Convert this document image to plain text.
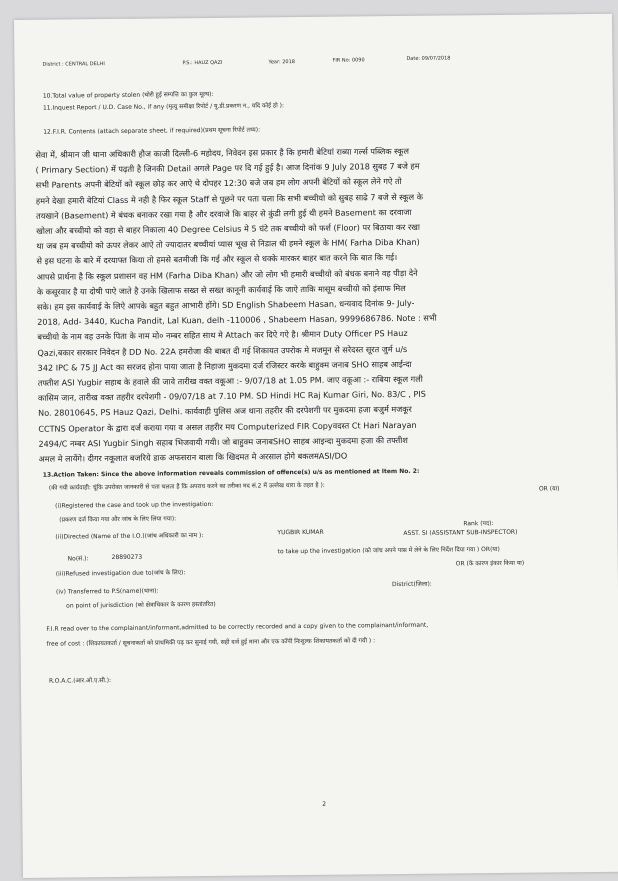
District : CENTRAL DELHI	P.S.: HAUZ QAZI	Year: 2018	FIR No: 0090	Date: 09/07/2018
10.Total value of property stolen (चोरी हुई सम्पत्ति का कुल मूल्य):
11.Inquest Report / U.D. Case No., if any (मृत्यु समीक्षा रिपोर्ट / यू.डी.प्रकरण न., यदि कोई हो ):
12.F.I.R. Contents (attach separate sheet, if required)(प्रथम सूचना रिपोर्ट तथ्य):
सेवा में, श्रीमान जी थाना अधिकारी हौज काजी दिल्ली-6 महोदय, निवेदन इस प्रकार है कि हमारी बेटियां राब्या गर्ल्स पब्लिक स्कूल
( Primary Section) में पढ़ती है जिनकी Detail अगले Page पर दि गई हुई है। आज दिनांक 9 July 2018 सुबह 7 बजे हम
सभी Parents अपनी बेटियों को स्कूल छोड़ कर आऐ थे दोपहर 12:30 बजे जब हम लोग अपनी बेटियों को स्कूल लेने गऐ तो
हमने देखा हमारी बेटियां Class मे नही है फिर स्कूल Staff से पूछने पर पता चला कि सभी बच्चीयो को सुबह साढे 7 बजे से स्कूल के
तयखाने (Basement) मे बंधक बनाकर रखा गया है और दरवाजे कि बाहर से कुंडी लगी हुई थी हमने Basement का दरवाजा
खोला और बच्चीयो को वहा से बाहर निकाला 40 Degree Celsius मे 5 घंटे तक बच्चीयो को फर्श (Floor) पर बिठाया कर रखा
था जब हम बच्चीयो को ऊपर लेकर आऐ तो ज्यादातर बच्चीयां प्यास भूख से निडाल थी हमने स्कूल के HM( Farha Diba Khan)
से इस घटना के बारे में दरयाफ्त किया तो हमसे बतमीजी कि गई और स्कूल से धक्के मारकर बाहर बात करने कि बात कि गई।
आपसे प्रार्थना है कि स्कूल प्रशासन वह HM (Farha Diba Khan) और जो लोग भी हमारी बच्चीयो को बंधक बनाने वह पीड़ा देने
के कसूरवार है या दोषी पाऐ जाते है उनके खिलाफ सख्त से सख्त कानूनी कार्यवाई कि जाऐ ताकि मासूम बच्चीयो को इंसाफ मिल
सके। हम इस कार्यवाई के लिऐ आपके बहुत बहुत आभारी होंगे। SD English Shabeem Hasan, धन्यवाद दिनांक 9- July-
2018, Add- 3440, Kucha Pandit, Lal Kuan, delh -110006 , Shabeem Hasan, 9999686786. Note : सभी
बच्चीयो के नाम वह उनके पिता के नाम मो० नम्बर सहित साथ मे Attach कर दिऐ गऐ है। श्रीमान Duty Officer PS Hauz
Qazi,बकार सरकार निवेदन है DD No. 22A हमरोजा की बाबत दी गई शिकायत उपरोक मे मजमून से सरेदस्त सूरत जुर्म u/s
342 IPC & 75 JJ Act का सरजद होना पाया जाता है निहाजा मुकदमा दर्ज रजिस्टर करके बाहुक्म जनाब SHO साहब आईन्दा
तफ्तीश ASI Yugbir सहाब के हवाले की जावे तारीख वक्त वकूआ :- 9/07/18 at 1.05 PM. जाए वकूआ :- राबिया स्कूल गली
कासिम जान, तारीख वक्त तहरीर दरपेशगी - 09/07/18 at 7.10 PM. SD Hindi HC Raj Kumar Giri, No. 83/C , PIS
No. 28010645, PS Hauz Qazi, Delhi. कार्यवाही पुलिस अज थाना तहरीर की दरपेशगी पर मुकदमा हजा बजुर्म मजकूर
CCTNS Operator के द्वारा दर्ज कराया गया व असल तहरीर मय Computerized FIR Copyवदस्त Ct Hari Narayan
2494/C नम्बर ASI Yugbir Singh सहाब भिजवायी गयी। जो बाहुक्म जनाबSHO साहब आइन्दा मुकदमा हजा की तफ्तीश
अमल मे लायेंगे। दीगर नकूलात बजरिये डाक अफसरान बाला कि खिदमत मे अरसाल होगे बकलमASI/DO
13.Action Taken: Since the above information reveals commission of offence(s) u/s as mentioned at Item No. 2:
(की गयी कार्यवाही: चूंकि उपरोक्त जानकारी से पता चलता है कि अपराध करने का तरीका मद सं.2 में उल्लेख धारा के तहत है ):	OR (या)
(i)Registered the case and took up the investigation:
(प्रकरण दर्ज किया गया और जांच के लिए लिया गया):
(ii)Directed (Name of the I.O.)(जांच अधिकारी का नाम ):	YUGBIR KUMAR
Rank (पद):
ASST. SI (ASSISTANT SUB-INSPECTOR)
No(सं.):	28890273
to take up the investigation (को जांच अपने पास में लेने के लिए निर्देश दिया गया ) OR(या)
(iii)Refused investigation due to(जांच के लिए):
OR (के कारण इंकार किया या)
(iv) Transferred to P.S(name)(थाना):
District(ज़िला):
on point of jurisdiction (को क्षेत्राधिकार के कारण हस्तांतरित)
F.I.R read over to the complainant/informant,admitted to be correctly recorded and a copy given to the complainant/informant,
free of cost : (शिकायतकर्ता / सूचनाकर्ता को प्राथमिकी पढ़ कर सुनाई गयी, सही दर्ज हुई माना और एक कॉपी निःशुल्क शिकायतकर्ता को दी गयी ) :
R.O.A.C.(आर.ओ.ए.सी.):
2
